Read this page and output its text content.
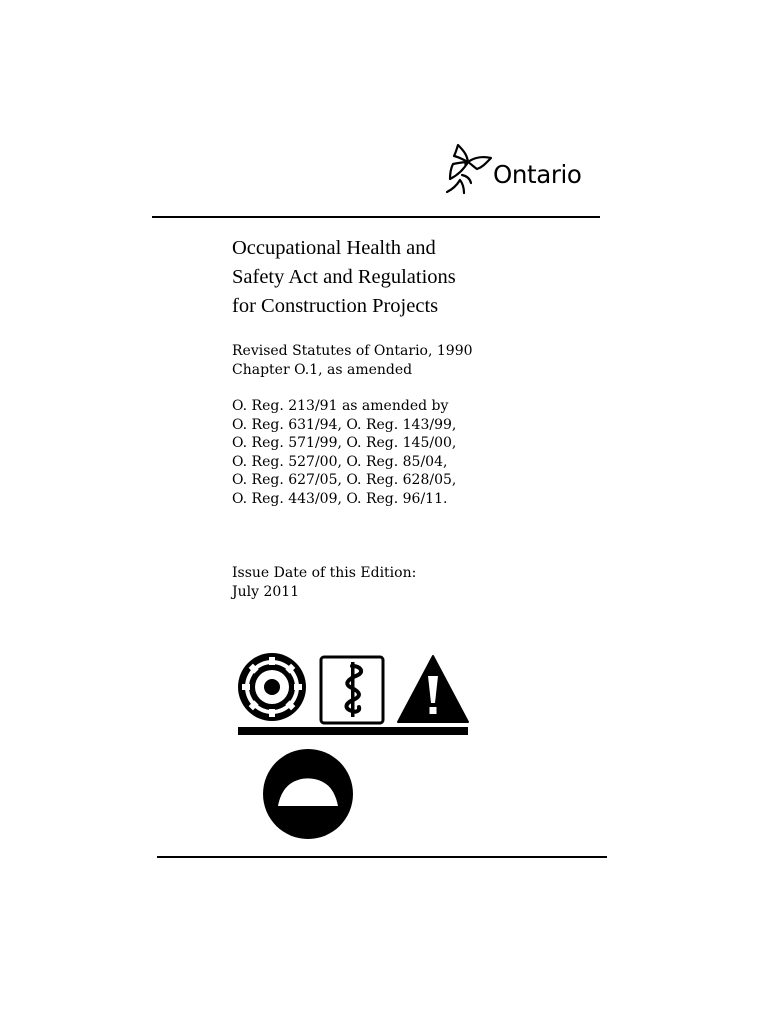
Ontario
Occupational Health and
Safety Act and Regulations
for Construction Projects
Revised Statutes of Ontario, 1990
Chapter O.1, as amended
O. Reg. 213/91 as amended by
O. Reg. 631/94, O. Reg. 143/99,
O. Reg. 571/99, O. Reg. 145/00,
O. Reg. 527/00, O. Reg. 85/04,
O. Reg. 627/05, O. Reg. 628/05,
O. Reg. 443/09, O. Reg. 96/11.
Issue Date of this Edition:
July 2011
